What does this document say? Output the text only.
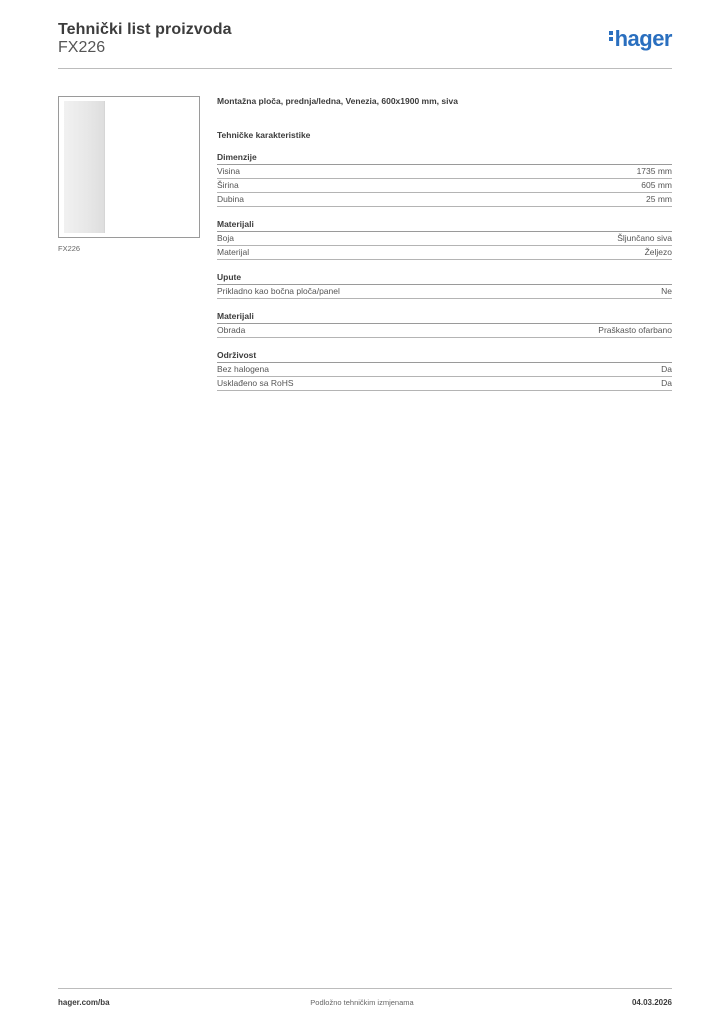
Tehnički list proizvoda
FX226	hager
FX226
Montažna ploča, prednja/ledna, Venezia, 600x1900 mm, siva
Tehničke karakteristike
Dimenzije
Visina	1735 mm
Širina	605 mm
Dubina	25 mm
Materijali
Boja	Šljunčano siva
Materijal	Željezo
Upute
Prikladno kao bočna ploča/panel	Ne
Materijali
Obrada	Praškasto ofarbano
Održivost
Bez halogena	Da
Usklađeno sa RoHS	Da
hager.com/ba	Podložno tehničkim izmjenama	04.03.2026
